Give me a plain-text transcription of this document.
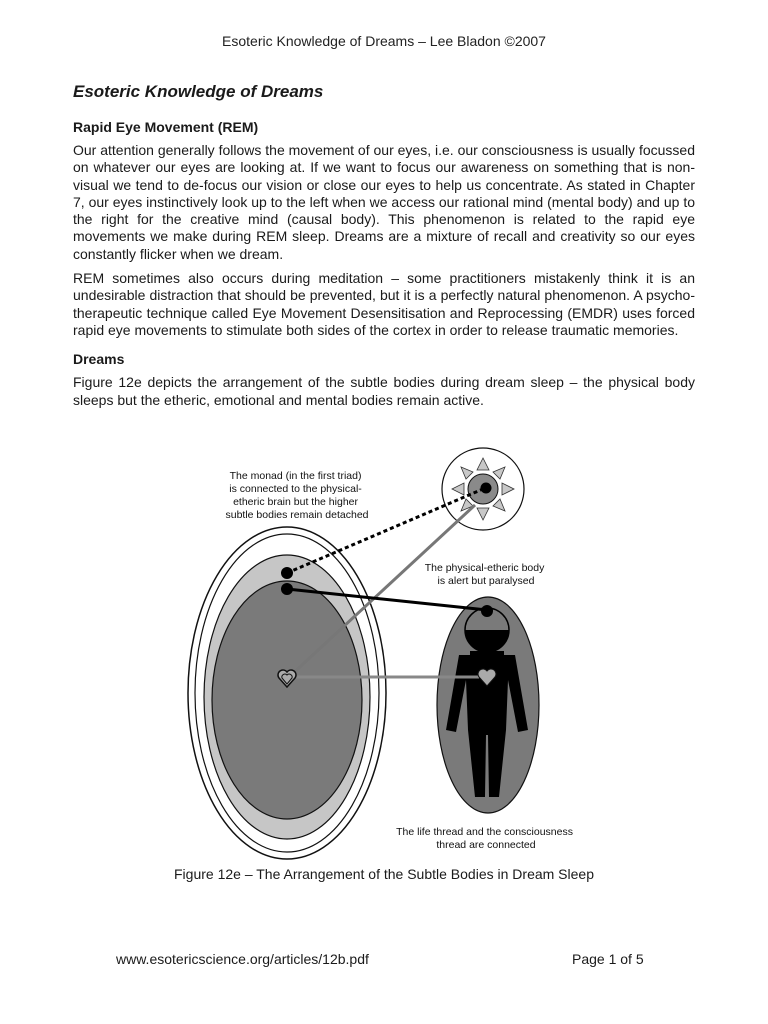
Esoteric Knowledge of Dreams – Lee Bladon ©2007
Esoteric Knowledge of Dreams
Rapid Eye Movement (REM)

Our attention generally follows the movement of our eyes, i.e. our consciousness is usually focussed on whatever our eyes are looking at. If we want to focus our awareness on something that is non-visual we tend to de-focus our vision or close our eyes to help us concentrate. As stated in Chapter 7, our eyes instinctively look up to the left when we access our rational mind (mental body) and up to the right for the creative mind (causal body). This phenomenon is related to the rapid eye movements we make during REM sleep. Dreams are a mixture of recall and creativity so our eyes constantly flicker when we dream.

REM sometimes also occurs during meditation – some practitioners mistakenly think it is an undesirable distraction that should be prevented, but it is a perfectly natural phenomenon. A psycho-therapeutic technique called Eye Movement Desensitisation and Reprocessing (EMDR) uses forced rapid eye movements to stimulate both sides of the cortex in order to release traumatic memories.

Dreams

Figure 12e depicts the arrangement of the subtle bodies during dream sleep – the physical body sleeps but the etheric, emotional and mental bodies remain active.

The monad (in the first triad) is connected to the physical- etheric brain but the higher subtle bodies remain detached
The physical-etheric body is alert but paralysed
The life thread and the consciousness thread are connected
Figure 12e – The Arrangement of the Subtle Bodies in Dream Sleep
www.esotericscience.org/articles/12b.pdf	Page 1 of 5
